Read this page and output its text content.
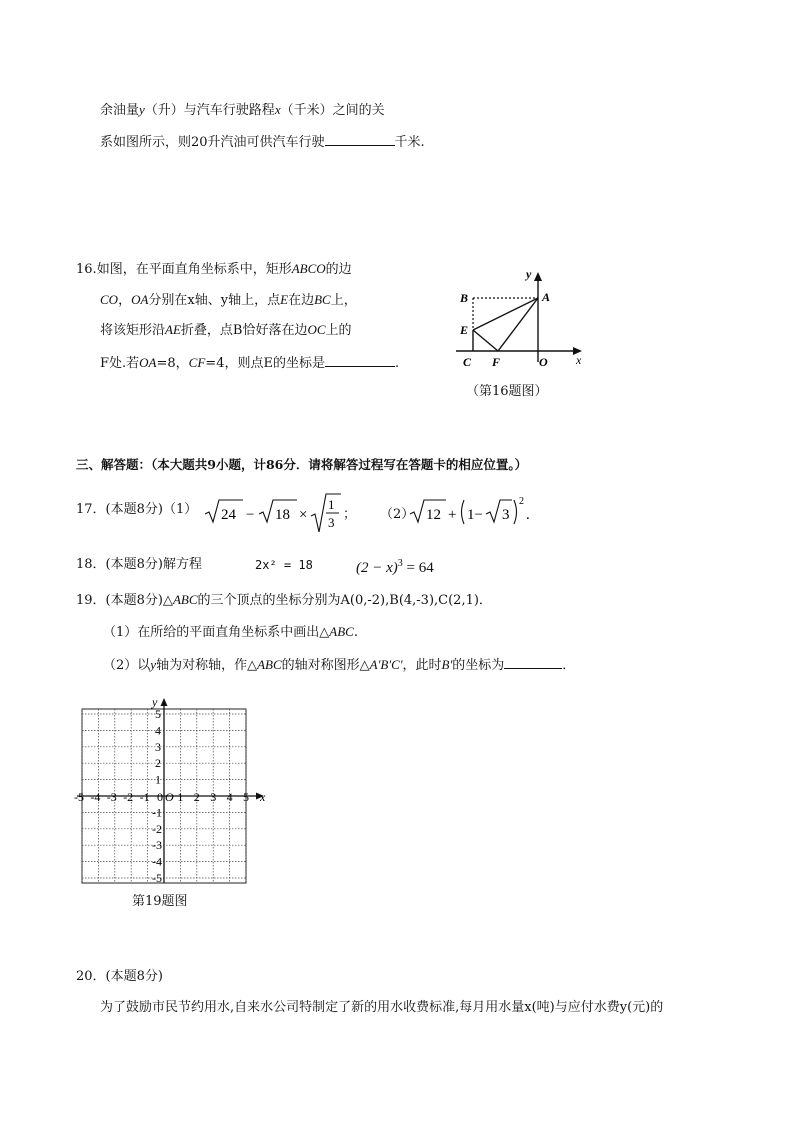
余油量y（升）与汽车行驶路程x（千米）之间的关
系如图所示，则20升汽油可供汽车行驶	千米.
16.如图，在平面直角坐标系中，矩形ABCO的边
CO，OA分别在x轴、y轴上，点E在边BC上，
将该矩形沿AE折叠，点B恰好落在边OC上的
F处.若OA=8，CF=4，则点E的坐标是	.
B	A
E
C F	O x
y
（第16题图）
三、解答题：（本大题共9小题，计86分．请将解答过程写在答题卡的相应位置。）
17．(本题8分)（1） 24 − 18 ×
1
3
； （2） 12 + 1− 3
2
.
18．(本题8分)解方程	2x² = 18	$(2 - x)^3 = 64$
19．(本题8分)△ABC的三个顶点的坐标分别为A(0,-2),B(4,-3),C(2,1)．
（1）在所给的平面直角坐标系中画出△ABC.
（2）以y轴为对称轴，作△ABC的轴对称图形△A'B'C'，此时B'的坐标为	．
-5 -4 -3 -2 -1 0 1 2 3 4 5
O
5
4
3
2
1
-1
-2
-3
-4
-5
x
y
第19题图
20．(本题8分)
为了鼓励市民节约用水,自来水公司特制定了新的用水收费标准,每月用水量x(吨)与应付水费y(元)的
